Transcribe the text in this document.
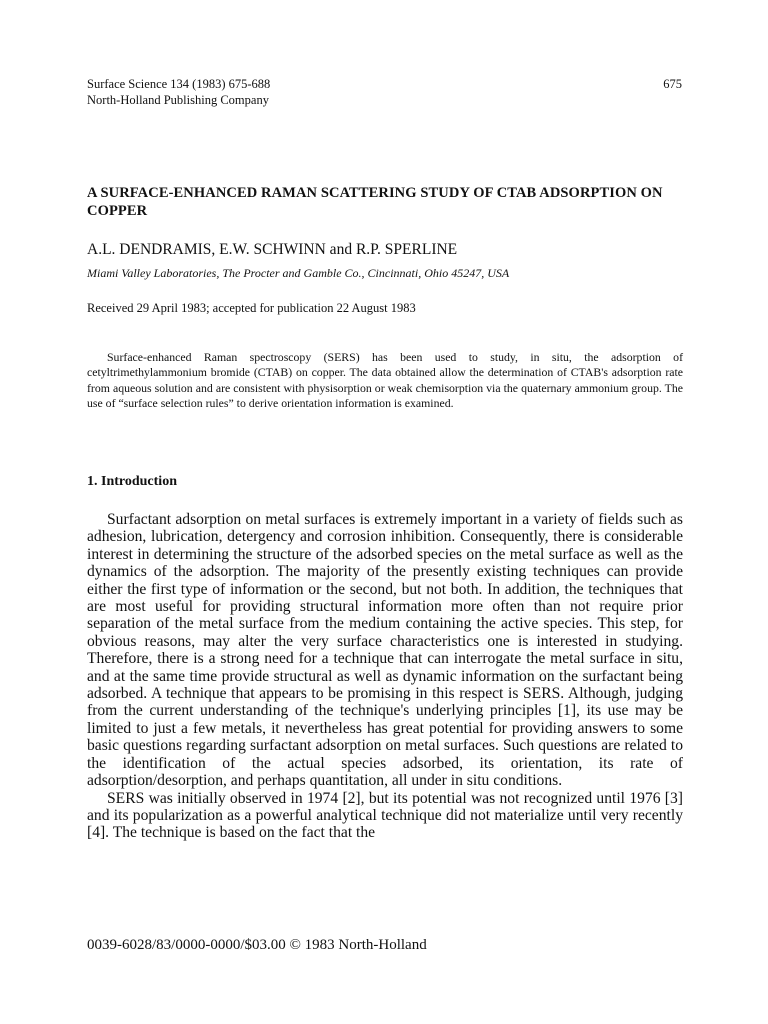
Surface Science 134 (1983) 675-688
North-Holland Publishing Company
675
A SURFACE-ENHANCED RAMAN SCATTERING STUDY OF CTAB ADSORPTION ON COPPER
A.L. DENDRAMIS, E.W. SCHWINN and R.P. SPERLINE
Miami Valley Laboratories, The Procter and Gamble Co., Cincinnati, Ohio 45247, USA
Received 29 April 1983; accepted for publication 22 August 1983

Surface-enhanced Raman spectroscopy (SERS) has been used to study, in situ, the adsorption of cetyltrimethylammonium bromide (CTAB) on copper. The data obtained allow the determination of CTAB's adsorption rate from aqueous solution and are consistent with physisorption or weak chemisorption via the quaternary ammonium group. The use of “surface selection rules” to derive orientation information is examined.

1. Introduction

Surfactant adsorption on metal surfaces is extremely important in a variety of fields such as adhesion, lubrication, detergency and corrosion inhibition. Consequently, there is considerable interest in determining the structure of the adsorbed species on the metal surface as well as the dynamics of the adsorption. The majority of the presently existing techniques can provide either the first type of information or the second, but not both. In addition, the techniques that are most useful for providing structural information more often than not require prior separation of the metal surface from the medium containing the active species. This step, for obvious reasons, may alter the very surface characteristics one is interested in studying. Therefore, there is a strong need for a technique that can interrogate the metal surface in situ, and at the same time provide structural as well as dynamic information on the surfactant being adsorbed. A technique that appears to be promising in this respect is SERS. Although, judging from the current understanding of the technique's underlying principles [1], its use may be limited to just a few metals, it nevertheless has great potential for providing answers to some basic questions regarding surfactant adsorption on metal surfaces. Such questions are related to the identification of the actual species adsorbed, its orientation, its rate of adsorption/desorption, and perhaps quantitation, all under in situ conditions.

SERS was initially observed in 1974 [2], but its potential was not recognized until 1976 [3] and its popularization as a powerful analytical technique did not materialize until very recently [4]. The technique is based on the fact that the

0039-6028/83/0000-0000/$03.00 © 1983 North-Holland
